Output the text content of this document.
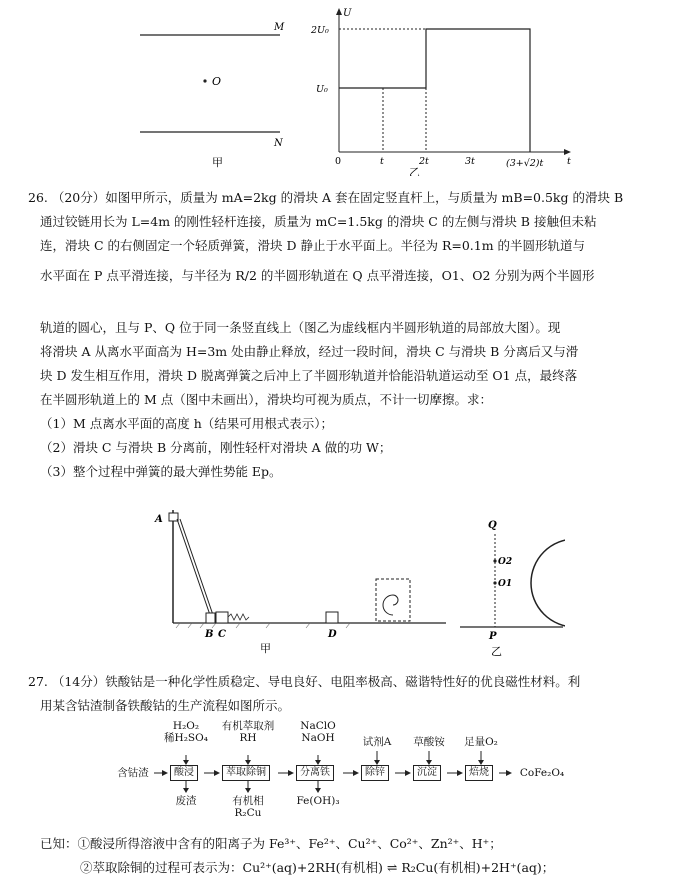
M
O
N
甲
U
2U₀
U₀
0	t	2t	3t	(3+√2)t t
乙
26. （20分）如图甲所示，质量为 mA=2kg 的滑块 A 套在固定竖直杆上，与质量为 mB=0.5kg 的滑块 B
通过铰链用长为 L=4m 的刚性轻杆连接，质量为 mC=1.5kg 的滑块 C 的左侧与滑块 B 接触但未粘
连，滑块 C 的右侧固定一个轻质弹簧，滑块 D 静止于水平面上。半径为 R=0.1m 的半圆形轨道与
水平面在 P 点平滑连接，与半径为 R/2 的半圆形轨道在 Q 点平滑连接，O1、O2 分别为两个半圆形
轨道的圆心，且与 P、Q 位于同一条竖直线上（图乙为虚线框内半圆形轨道的局部放大图）。现
将滑块 A 从离水平面高为 H=3m 处由静止释放，经过一段时间，滑块 C 与滑块 B 分离后又与滑
块 D 发生相互作用，滑块 D 脱离弹簧之后冲上了半圆形轨道并恰能沿轨道运动至 O1 点，最终落
在半圆形轨道上的 M 点（图中未画出），滑块均可视为质点，不计一切摩擦。求：
（1）M 点离水平面的高度 h（结果可用根式表示）；
（2）滑块 C 与滑块 B 分离前，刚性轻杆对滑块 A 做的功 W；
（3）整个过程中弹簧的最大弹性势能 Ep。
A
B C	D
甲
Q
O2
O1
P
乙
27. （14分）铁酸钴是一种化学性质稳定、导电良好、电阻率极高、磁谐特性好的优良磁性材料。利
用某含钴渣制备铁酸钴的生产流程如图所示。
H₂O₂
稀H₂SO₄
有机萃取剂
RH
NaClO
NaOH	试剂A	草酸铵	足量O₂
含钴渣	酸浸	萃取除铜	分离铁	除锌	沉淀	焙烧	CoFe₂O₄
废渣	有机相
R₂Cu
Fe(OH)₃
已知：①酸浸所得溶液中含有的阳离子为 Fe³⁺、Fe²⁺、Cu²⁺、Co²⁺、Zn²⁺、H⁺；
②萃取除铜的过程可表示为：Cu²⁺(aq)+2RH(有机相) ⇌ R₂Cu(有机相)+2H⁺(aq)；
